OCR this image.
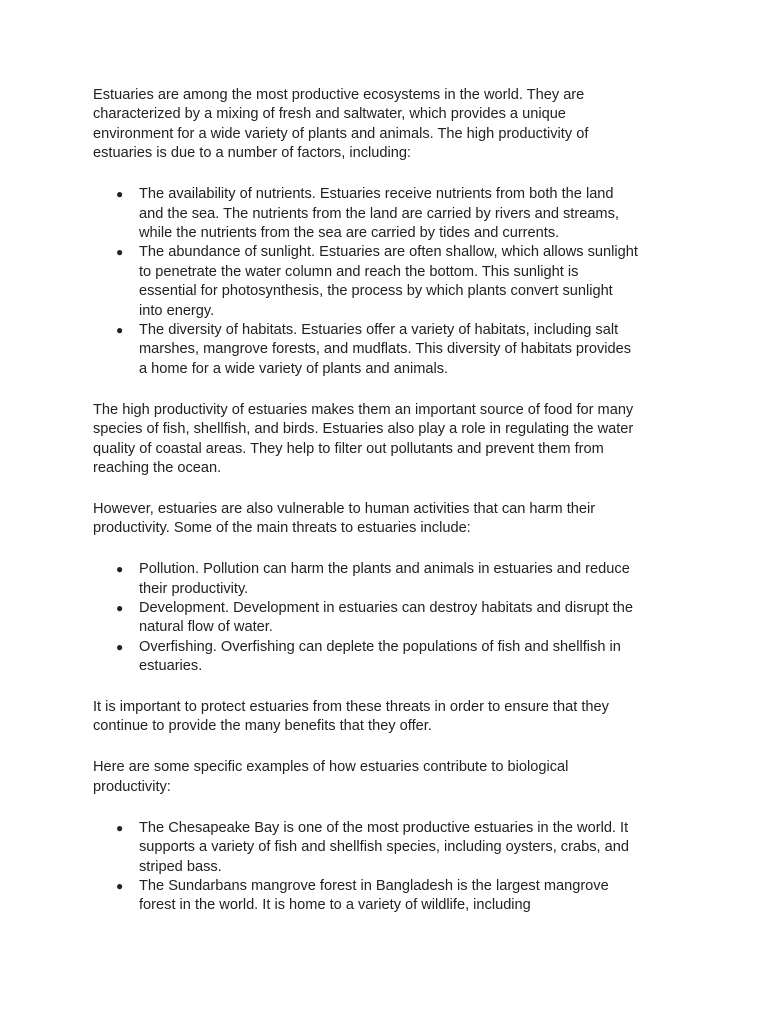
Estuaries are among the most productive ecosystems in the world. They are characterized by a mixing of fresh and saltwater, which provides a unique environment for a wide variety of plants and animals. The high productivity of estuaries is due to a number of factors, including:

● The availability of nutrients. Estuaries receive nutrients from both the land and the sea. The nutrients from the land are carried by rivers and streams, while the nutrients from the sea are carried by tides and currents.
● The abundance of sunlight. Estuaries are often shallow, which allows sunlight to penetrate the water column and reach the bottom. This sunlight is essential for photosynthesis, the process by which plants convert sunlight into energy.
● The diversity of habitats. Estuaries offer a variety of habitats, including salt marshes, mangrove forests, and mudflats. This diversity of habitats provides a home for a wide variety of plants and animals.

The high productivity of estuaries makes them an important source of food for many species of fish, shellfish, and birds. Estuaries also play a role in regulating the water quality of coastal areas. They help to filter out pollutants and prevent them from reaching the ocean.

However, estuaries are also vulnerable to human activities that can harm their productivity. Some of the main threats to estuaries include:

● Pollution. Pollution can harm the plants and animals in estuaries and reduce their productivity.
● Development. Development in estuaries can destroy habitats and disrupt the natural flow of water.
● Overfishing. Overfishing can deplete the populations of fish and shellfish in estuaries.

It is important to protect estuaries from these threats in order to ensure that they continue to provide the many benefits that they offer.

Here are some specific examples of how estuaries contribute to biological productivity:

● The Chesapeake Bay is one of the most productive estuaries in the world. It supports a variety of fish and shellfish species, including oysters, crabs, and striped bass.
● The Sundarbans mangrove forest in Bangladesh is the largest mangrove forest in the world. It is home to a variety of wildlife, including
